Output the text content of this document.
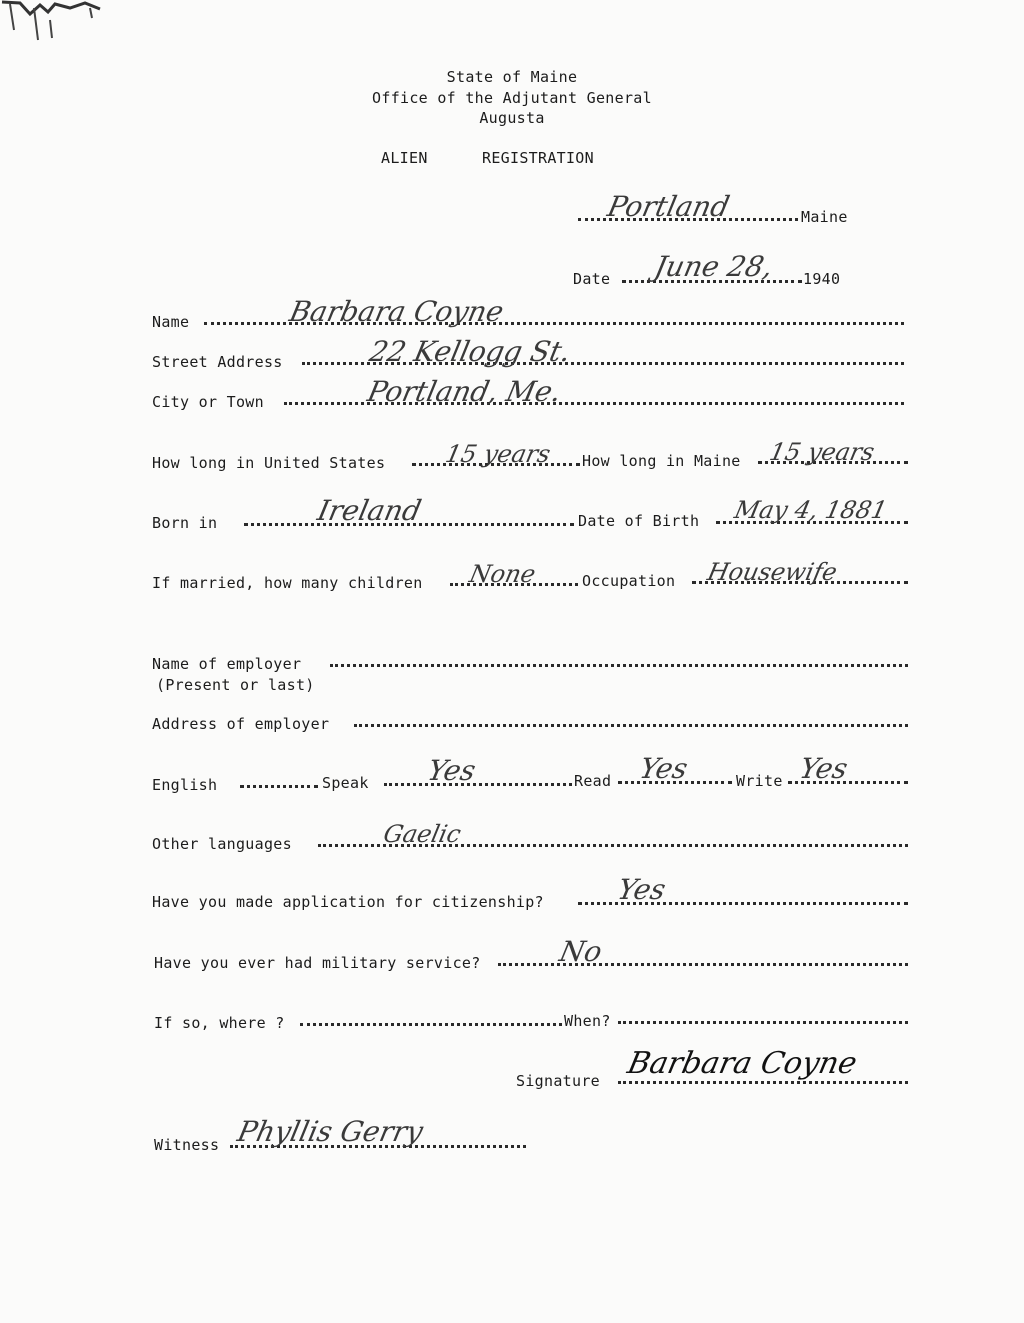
State of Maine
Office of the Adjutant General
Augusta
ALIEN	REGISTRATION
Portland	Maine
Date June 28, 1940
Name	Barbara Coyne
Street Address	22 Kellogg St.
City or Town	Portland, Me.
How long in United States 15 years How long in Maine 15 years
Born in	Ireland	Date of Birth May 4, 1881
If married, how many children None	Occupation Housewife
Name of employer
(Present or last)
Address of employer
English	Speak Yes	Read Yes	Write Yes
Other languages	Gaelic
Have you made application for citizenship?	Yes
Have you ever had military service?	No
If so, where ?	When?
Signature Barbara Coyne
Witness Phyllis Gerry
